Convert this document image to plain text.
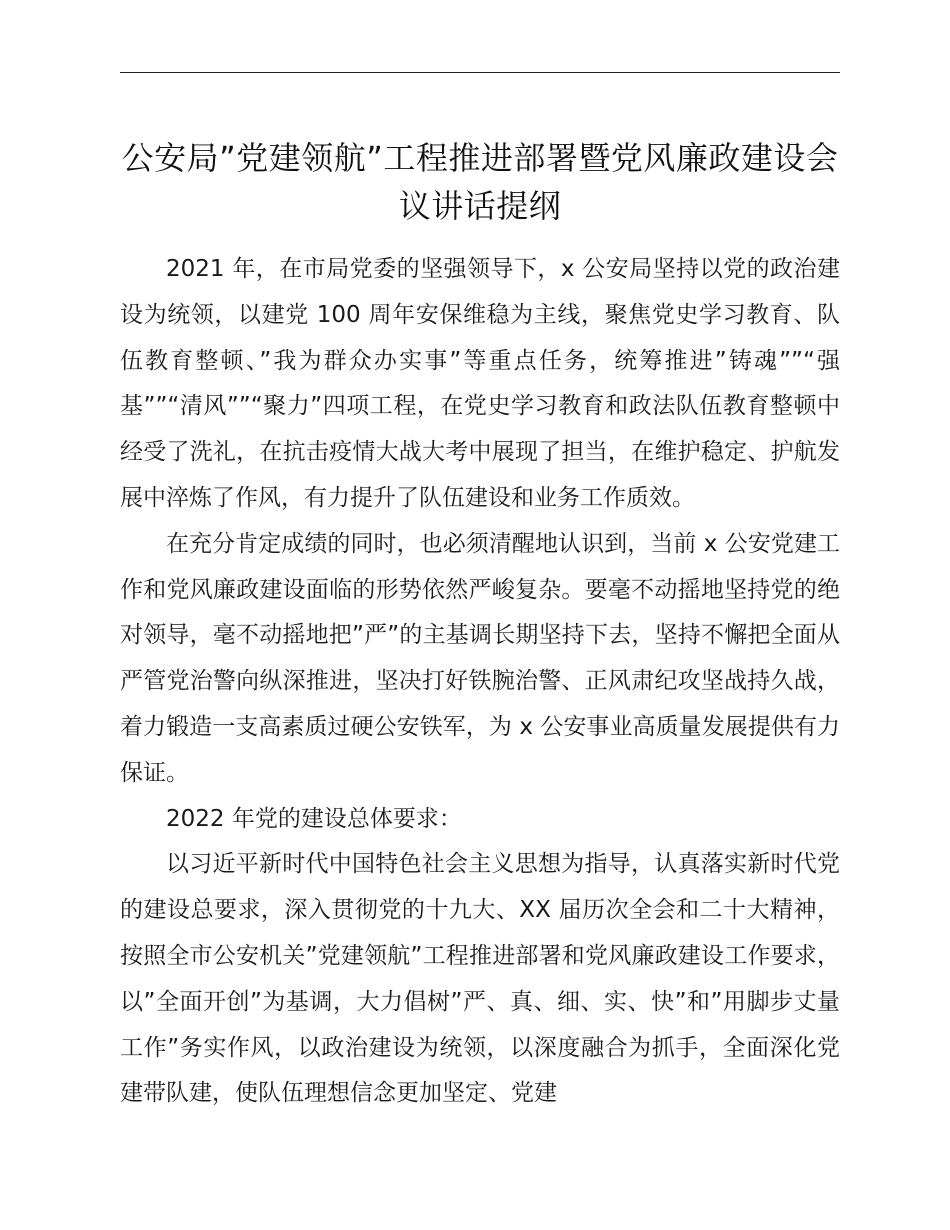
公安局”党建领航”工程推进部署暨党风廉政建设会议讲话提纲

2021 年，在市局党委的坚强领导下，x 公安局坚持以党的政治建设为统领，以建党 100 周年安保维稳为主线，聚焦党史学习教育、队伍教育整顿、”我为群众办实事”等重点任务，统筹推进”铸魂””“强基””“清风””“聚力”四项工程，在党史学习教育和政法队伍教育整顿中经受了洗礼，在抗击疫情大战大考中展现了担当，在维护稳定、护航发展中淬炼了作风，有力提升了队伍建设和业务工作质效。

在充分肯定成绩的同时，也必须清醒地认识到，当前 x 公安党建工作和党风廉政建设面临的形势依然严峻复杂。要毫不动摇地坚持党的绝对领导，毫不动摇地把”严”的主基调长期坚持下去，坚持不懈把全面从严管党治警向纵深推进，坚决打好铁腕治警、正风肃纪攻坚战持久战，着力锻造一支高素质过硬公安铁军，为 x 公安事业高质量发展提供有力保证。

2022 年党的建设总体要求：

以习近平新时代中国特色社会主义思想为指导，认真落实新时代党的建设总要求，深入贯彻党的十九大、XX 届历次全会和二十大精神，按照全市公安机关”党建领航”工程推进部署和党风廉政建设工作要求，以”全面开创”为基调，大力倡树”严、真、细、实、快”和”用脚步丈量工作”务实作风，以政治建设为统领，以深度融合为抓手，全面深化党建带队建，使队伍理想信念更加坚定、党建
